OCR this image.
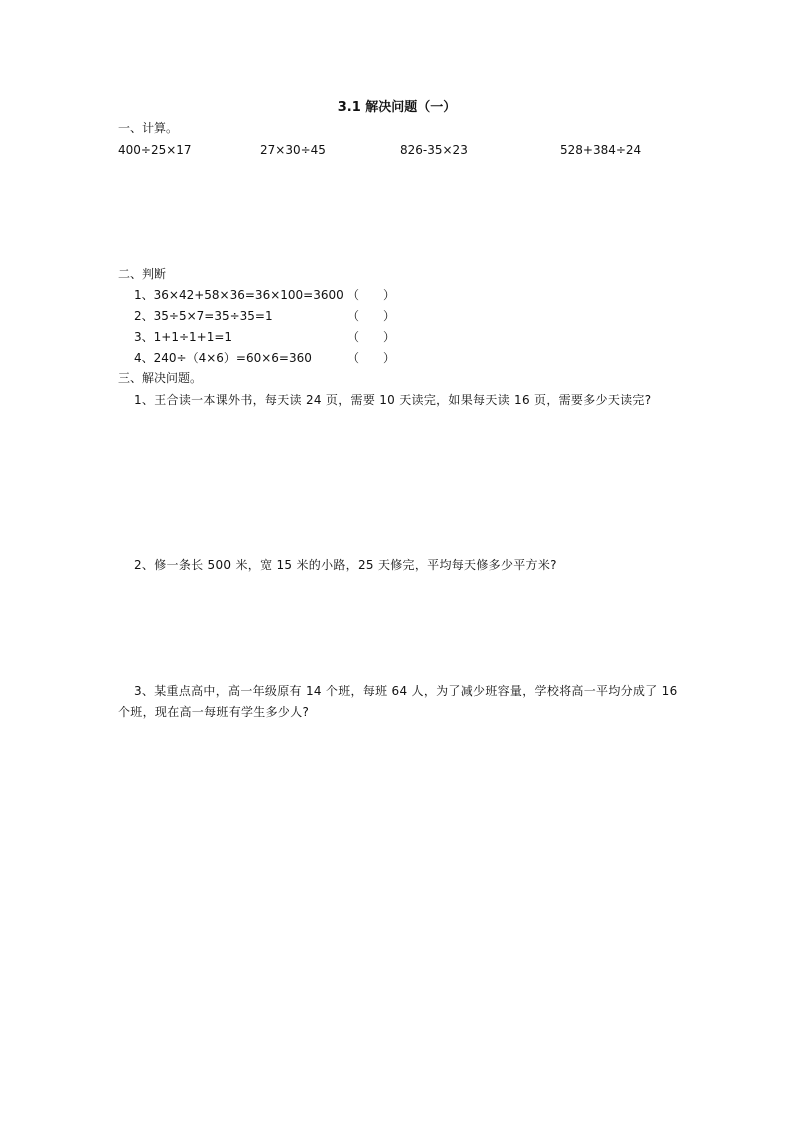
3.1 解决问题（一）
一、计算。
400÷25×17	27×30÷45	826-35×23	528+384÷24
二、判断
1、36×42+58×36=36×100=3600 （　　）
2、35÷5×7=35÷35=1	（　　）
3、1+1÷1+1=1	（　　）
4、240÷（4×6）=60×6=360	（　　）
三、解决问题。
1、王合读一本课外书，每天读 24 页，需要 10 天读完，如果每天读 16 页，需要多少天读完?
2、修一条长 500 米，宽 15 米的小路，25 天修完，平均每天修多少平方米?
3、某重点高中，高一年级原有 14 个班，每班 64 人，为了减少班容量，学校将高一平均分成了 16 个班，现在高一每班有学生多少人?
